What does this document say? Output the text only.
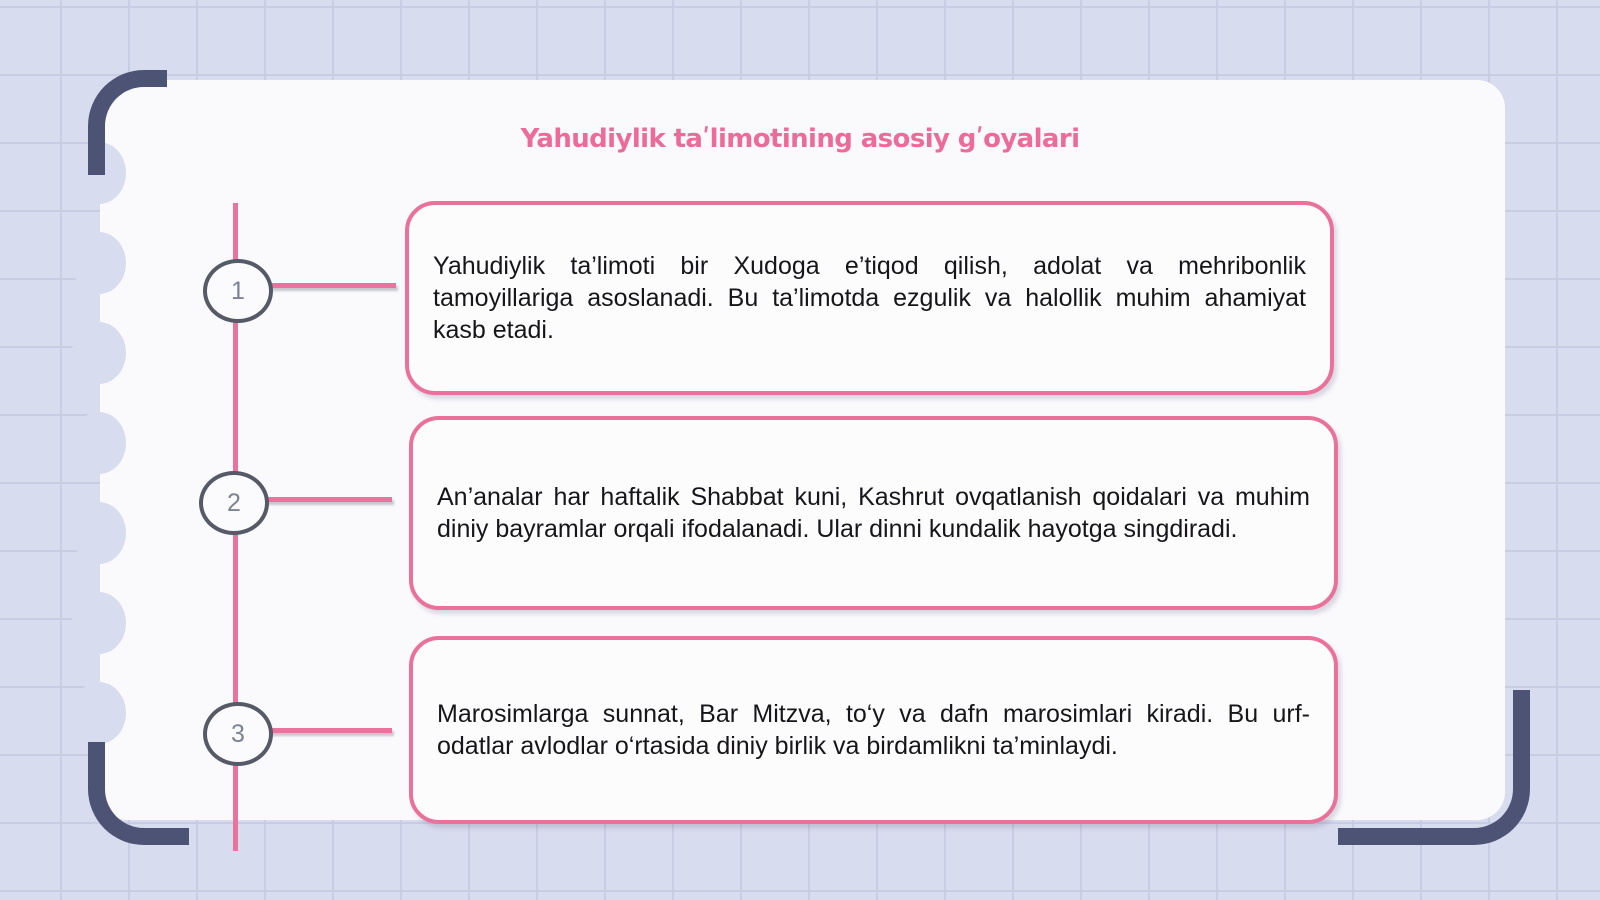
Yahudiylik taʹlimotining asosiy gʹoyalari
1
2
3

Yahudiylik ta’limoti bir Xudoga e’tiqod qilish, adolat va mehribonlik tamoyillariga asoslanadi. Bu ta’limotda ezgulik va halollik muhim ahamiyat kasb etadi.

An’analar har haftalik Shabbat kuni, Kashrut ovqatlanish qoidalari va muhim diniy bayramlar orqali ifodalanadi. Ular dinni kundalik hayotga singdiradi.

Marosimlarga sunnat, Bar Mitzva, to‘y va dafn marosimlari kiradi. Bu urf-odatlar avlodlar o‘rtasida diniy birlik va birdamlikni ta’minlaydi.
